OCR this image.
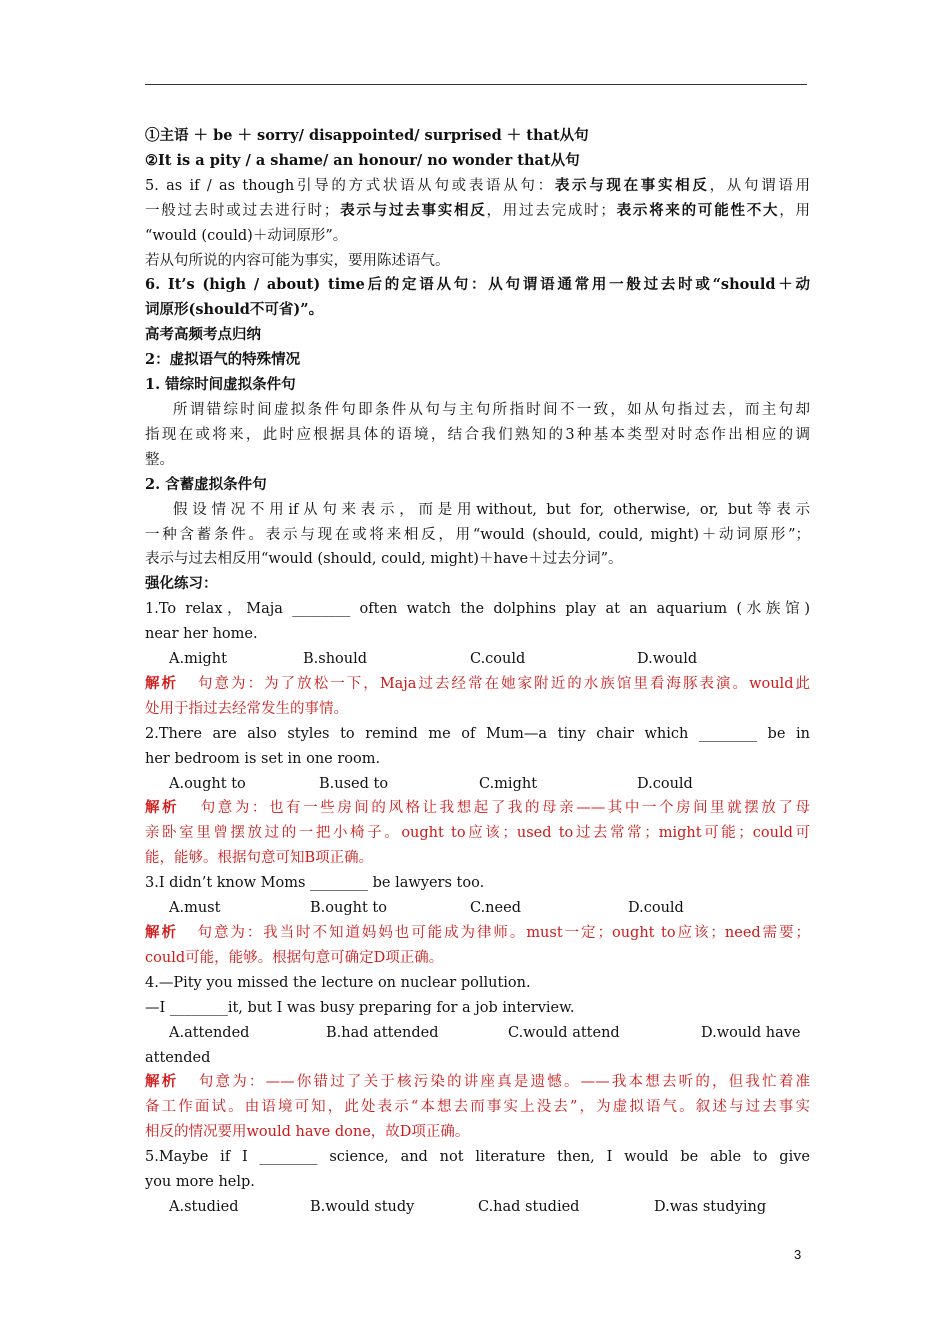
①主语 ＋ be ＋ sorry/ disappointed/ surprised ＋ that从句
②It is a pity / a shame/ an honour/ no wonder that从句
5. as if / as though引导的方式状语从句或表语从句：表示与现在事实相反，从句谓语用
一般过去时或过去进行时；表示与过去事实相反，用过去完成时；表示将来的可能性不大，用
“would (could)＋动词原形”。
若从句所说的内容可能为事实，要用陈述语气。
6. It’s (high / about) time后的定语从句：从句谓语通常用一般过去时或“should＋动
词原形(should不可省)”。
高考高频考点归纳
2：虚拟语气的特殊情况
1. 错综时间虚拟条件句
所谓错综时间虚拟条件句即条件从句与主句所指时间不一致，如从句指过去，而主句却
指现在或将来，此时应根据具体的语境，结合我们熟知的3种基本类型对时态作出相应的调
整。
2. 含蓄虚拟条件句
假设情况不用if从句来表示，而是用without, but for, otherwise, or, but等表示
一种含蓄条件。表示与现在或将来相反，用“would (should, could, might)＋动词原形”；
表示与过去相反用“would (should, could, might)＋have＋过去分词”。
强化练习：
1.To relax，Maja ________ often watch the dolphins play at an aquarium (水族馆)
near her home.
A.might	B.should	C.could	D.would
解析 句意为：为了放松一下，Maja过去经常在她家附近的水族馆里看海豚表演。would此
处用于指过去经常发生的事情。
2.There are also styles to remind me of Mum—a tiny chair which ________ be in
her bedroom is set in one room.
A.ought to	B.used to	C.might	D.could
解析 句意为：也有一些房间的风格让我想起了我的母亲——其中一个房间里就摆放了母
亲卧室里曾摆放过的一把小椅子。ought to应该；used to过去常常；might可能；could可
能，能够。根据句意可知B项正确。
3.I didn’t know Moms ________ be lawyers too.
A.must	B.ought to	C.need	D.could
解析 句意为：我当时不知道妈妈也可能成为律师。must一定；ought to应该；need需要；
could可能，能够。根据句意可确定D项正确。
4.—Pity you missed the lecture on nuclear pollution.
—I ________it, but I was busy preparing for a job interview.
A.attended	B.had attended	C.would attend	D.would have
attended
解析 句意为：——你错过了关于核污染的讲座真是遗憾。——我本想去听的，但我忙着准
备工作面试。由语境可知，此处表示“本想去而事实上没去”，为虚拟语气。叙述与过去事实
相反的情况要用would have done，故D项正确。
5.Maybe if I ________ science, and not literature then, I would be able to give
you more help.
A.studied	B.would study	C.had studied	D.was studying
3
